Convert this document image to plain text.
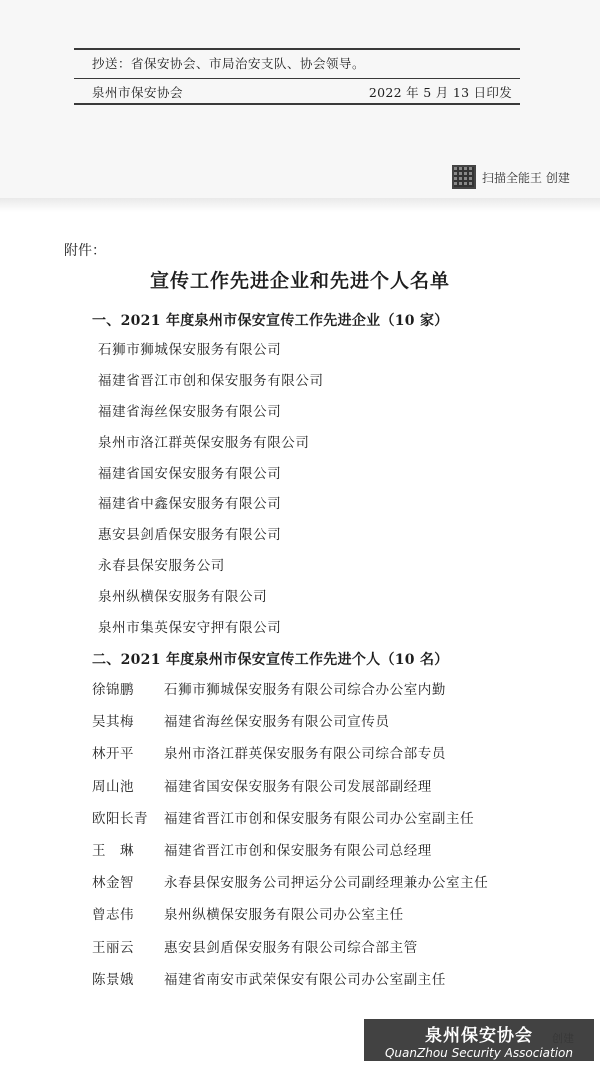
抄送：省保安协会、市局治安支队、协会领导。
泉州市保安协会	2022 年 5 月 13 日印发
扫描全能王 创建
附件：
宣传工作先进企业和先进个人名单
一、2021 年度泉州市保安宣传工作先进企业（10 家）
石狮市狮城保安服务有限公司
福建省晋江市创和保安服务有限公司
福建省海丝保安服务有限公司
泉州市洛江群英保安服务有限公司
福建省国安保安服务有限公司
福建省中鑫保安服务有限公司
惠安县剑盾保安服务有限公司
永春县保安服务公司
泉州纵横保安服务有限公司
泉州市集英保安守押有限公司
二、2021 年度泉州市保安宣传工作先进个人（10 名）
徐锦鹏	石狮市狮城保安服务有限公司综合办公室内勤
吴其梅	福建省海丝保安服务有限公司宣传员
林开平	泉州市洛江群英保安服务有限公司综合部专员
周山池	福建省国安保安服务有限公司发展部副经理
欧阳长青	福建省晋江市创和保安服务有限公司办公室副主任
王　琳	福建省晋江市创和保安服务有限公司总经理
林金智	永春县保安服务公司押运分公司副经理兼办公室主任
曾志伟	泉州纵横保安服务有限公司办公室主任
王丽云	惠安县剑盾保安服务有限公司综合部主管
陈景娥	福建省南安市武荣保安有限公司办公室副主任
泉州保安协会
QuanZhou Security Association
